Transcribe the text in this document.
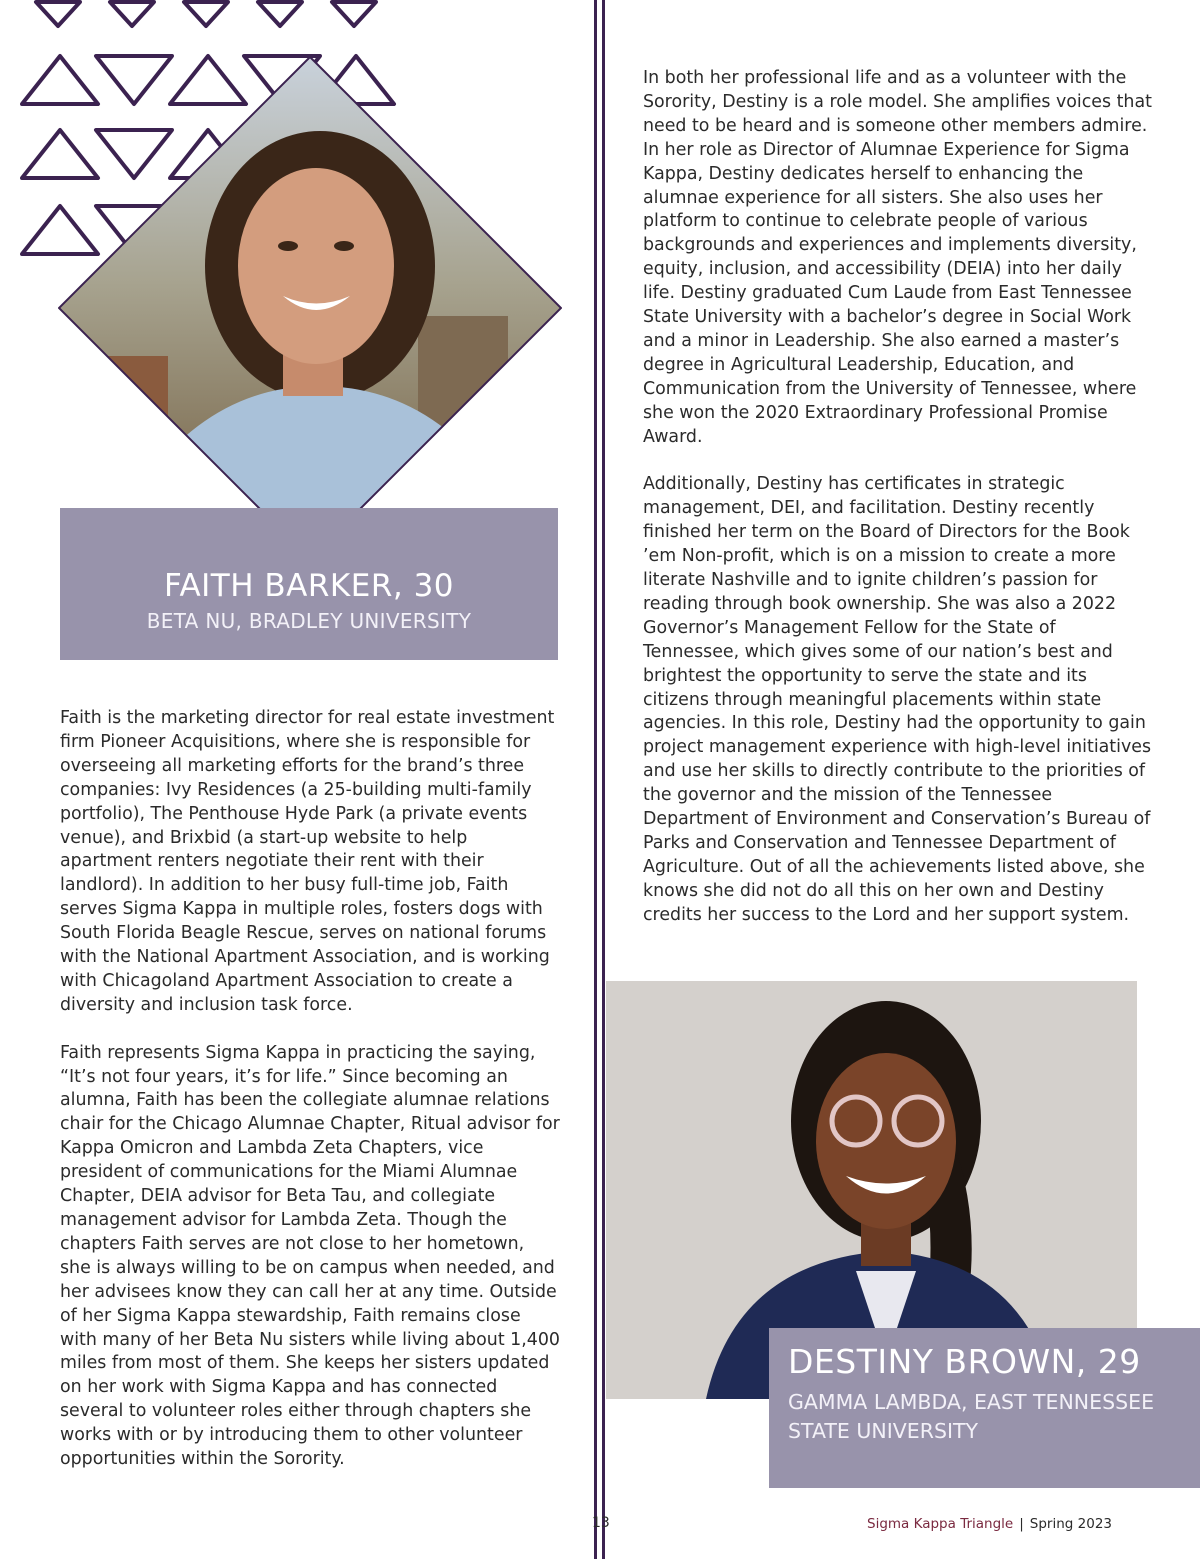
FAITH BARKER, 30
BETA NU, BRADLEY UNIVERSITY

Faith is the marketing director for real estate investment firm Pioneer Acquisitions, where she is responsible for overseeing all marketing efforts for the brand’s three companies: Ivy Residences (a 25-building multi-family portfolio), The Penthouse Hyde Park (a private events venue), and Brixbid (a start-up website to help apartment renters negotiate their rent with their landlord). In addition to her busy full-time job, Faith serves Sigma Kappa in multiple roles, fosters dogs with South Florida Beagle Rescue, serves on national forums with the National Apartment Association, and is working with Chicagoland Apartment Association to create a diversity and inclusion task force.

Faith represents Sigma Kappa in practicing the saying, “It’s not four years, it’s for life.” Since becoming an alumna, Faith has been the collegiate alumnae relations chair for the Chicago Alumnae Chapter, Ritual advisor for Kappa Omicron and Lambda Zeta Chapters, vice president of communications for the Miami Alumnae Chapter, DEIA advisor for Beta Tau, and collegiate management advisor for Lambda Zeta. Though the chapters Faith serves are not close to her hometown, she is always willing to be on campus when needed, and her advisees know they can call her at any time. Outside of her Sigma Kappa stewardship, Faith remains close with many of her Beta Nu sisters while living about 1,400 miles from most of them. She keeps her sisters updated on her work with Sigma Kappa and has connected several to volunteer roles either through chapters she works with or by introducing them to other volunteer opportunities within the Sorority.

In both her professional life and as a volunteer with the Sorority, Destiny is a role model. She amplifies voices that need to be heard and is someone other members admire. In her role as Director of Alumnae Experience for Sigma Kappa, Destiny dedicates herself to enhancing the alumnae experience for all sisters. She also uses her platform to continue to celebrate people of various backgrounds and experiences and implements diversity, equity, inclusion, and accessibility (DEIA) into her daily life. Destiny graduated Cum Laude from East Tennessee State University with a bachelor’s degree in Social Work and a minor in Leadership. She also earned a master’s degree in Agricultural Leadership, Education, and Communication from the University of Tennessee, where she won the 2020 Extraordinary Professional Promise Award.

Additionally, Destiny has certificates in strategic management, DEI, and facilitation. Destiny recently finished her term on the Board of Directors for the Book ’em Non-profit, which is on a mission to create a more literate Nashville and to ignite children’s passion for reading through book ownership. She was also a 2022 Governor’s Management Fellow for the State of Tennessee, which gives some of our nation’s best and brightest the opportunity to serve the state and its citizens through meaningful placements within state agencies. In this role, Destiny had the opportunity to gain project management experience with high-level initiatives and use her skills to directly contribute to the priorities of the governor and the mission of the Tennessee Department of Environment and Conservation’s Bureau of Parks and Conservation and Tennessee Department of Agriculture. Out of all the achievements listed above, she knows she did not do all this on her own and Destiny credits her success to the Lord and her support system.

DESTINY BROWN, 29
GAMMA LAMBDA, EAST TENNESSEE STATE UNIVERSITY
13	Sigma Kappa Triangle | Spring 2023
